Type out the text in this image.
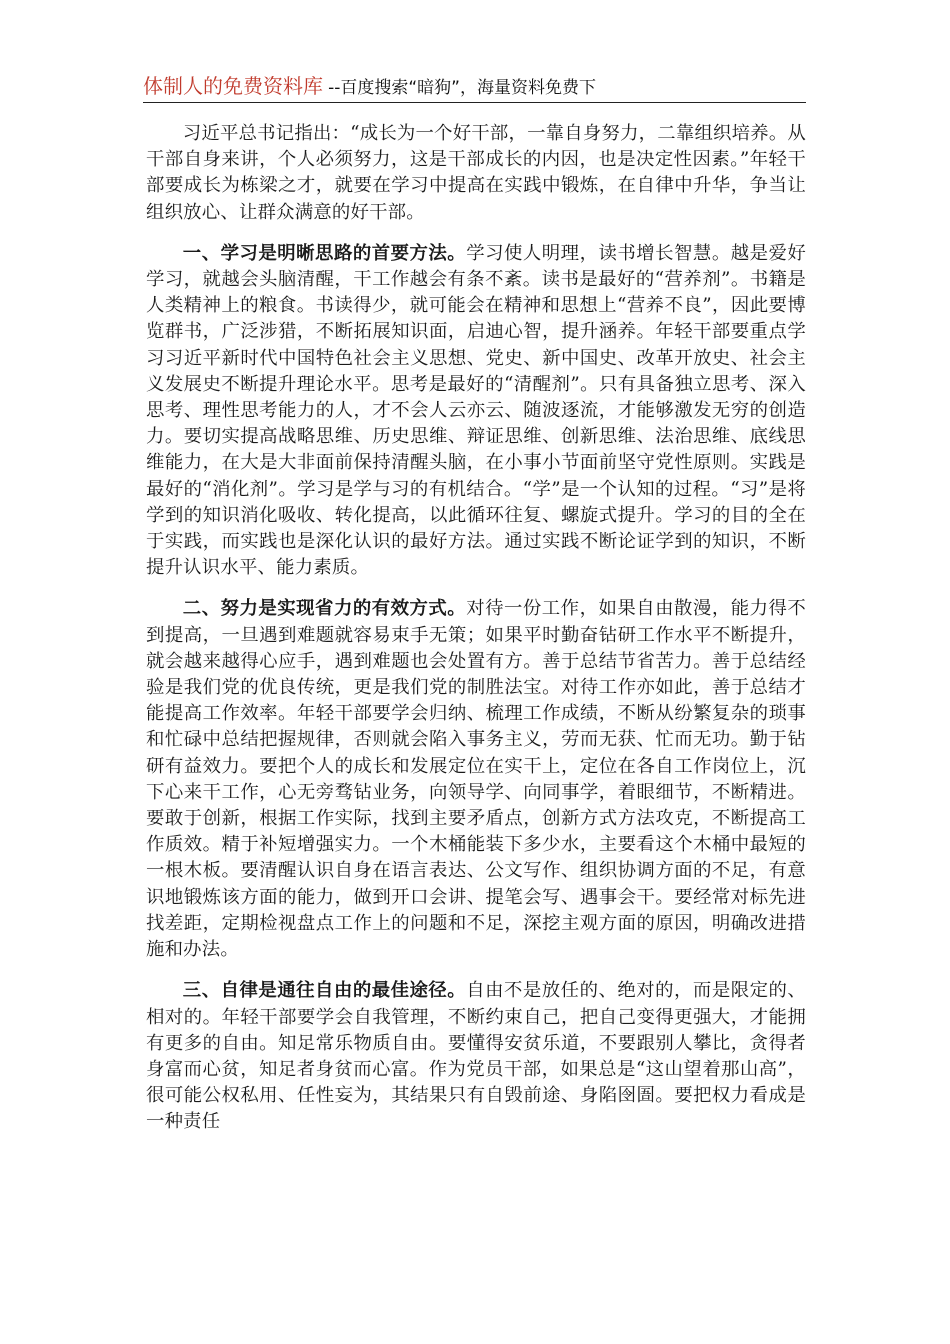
体制人的免费资料库 --百度搜索“暗狗”，海量资料免费下

习近平总书记指出：“成长为一个好干部，一靠自身努力，二靠组织培养。从干部自身来讲，个人必须努力，这是干部成长的内因，也是决定性因素。”年轻干部要成长为栋梁之才，就要在学习中提高在实践中锻炼，在自律中升华，争当让组织放心、让群众满意的好干部。

一、学习是明晰思路的首要方法。学习使人明理，读书增长智慧。越是爱好学习，就越会头脑清醒，干工作越会有条不紊。读书是最好的“营养剂”。书籍是人类精神上的粮食。书读得少，就可能会在精神和思想上“营养不良”，因此要博览群书，广泛涉猎，不断拓展知识面，启迪心智，提升涵养。年轻干部要重点学习习近平新时代中国特色社会主义思想、党史、新中国史、改革开放史、社会主义发展史不断提升理论水平。思考是最好的“清醒剂”。只有具备独立思考、深入思考、理性思考能力的人，才不会人云亦云、随波逐流，才能够激发无穷的创造力。要切实提高战略思维、历史思维、辩证思维、创新思维、法治思维、底线思维能力，在大是大非面前保持清醒头脑，在小事小节面前坚守党性原则。实践是最好的“消化剂”。学习是学与习的有机结合。“学”是一个认知的过程。“习”是将学到的知识消化吸收、转化提高，以此循环往复、螺旋式提升。学习的目的全在于实践，而实践也是深化认识的最好方法。通过实践不断论证学到的知识，不断提升认识水平、能力素质。

二、努力是实现省力的有效方式。对待一份工作，如果自由散漫，能力得不到提高，一旦遇到难题就容易束手无策；如果平时勤奋钻研工作水平不断提升，就会越来越得心应手，遇到难题也会处置有方。善于总结节省苦力。善于总结经验是我们党的优良传统，更是我们党的制胜法宝。对待工作亦如此，善于总结才能提高工作效率。年轻干部要学会归纳、梳理工作成绩，不断从纷繁复杂的琐事和忙碌中总结把握规律，否则就会陷入事务主义，劳而无获、忙而无功。勤于钻研有益效力。要把个人的成长和发展定位在实干上，定位在各自工作岗位上，沉下心来干工作，心无旁骛钻业务，向领导学、向同事学，着眼细节，不断精进。要敢于创新，根据工作实际，找到主要矛盾点，创新方式方法攻克，不断提高工作质效。精于补短增强实力。一个木桶能装下多少水，主要看这个木桶中最短的一根木板。要清醒认识自身在语言表达、公文写作、组织协调方面的不足，有意识地锻炼该方面的能力，做到开口会讲、提笔会写、遇事会干。要经常对标先进找差距，定期检视盘点工作上的问题和不足，深挖主观方面的原因，明确改进措施和办法。

三、自律是通往自由的最佳途径。自由不是放任的、绝对的，而是限定的、相对的。年轻干部要学会自我管理，不断约束自己，把自己变得更强大，才能拥有更多的自由。知足常乐物质自由。要懂得安贫乐道，不要跟别人攀比，贪得者身富而心贫，知足者身贫而心富。作为党员干部，如果总是“这山望着那山高”，很可能公权私用、任性妄为，其结果只有自毁前途、身陷囹圄。要把权力看成是一种责任
